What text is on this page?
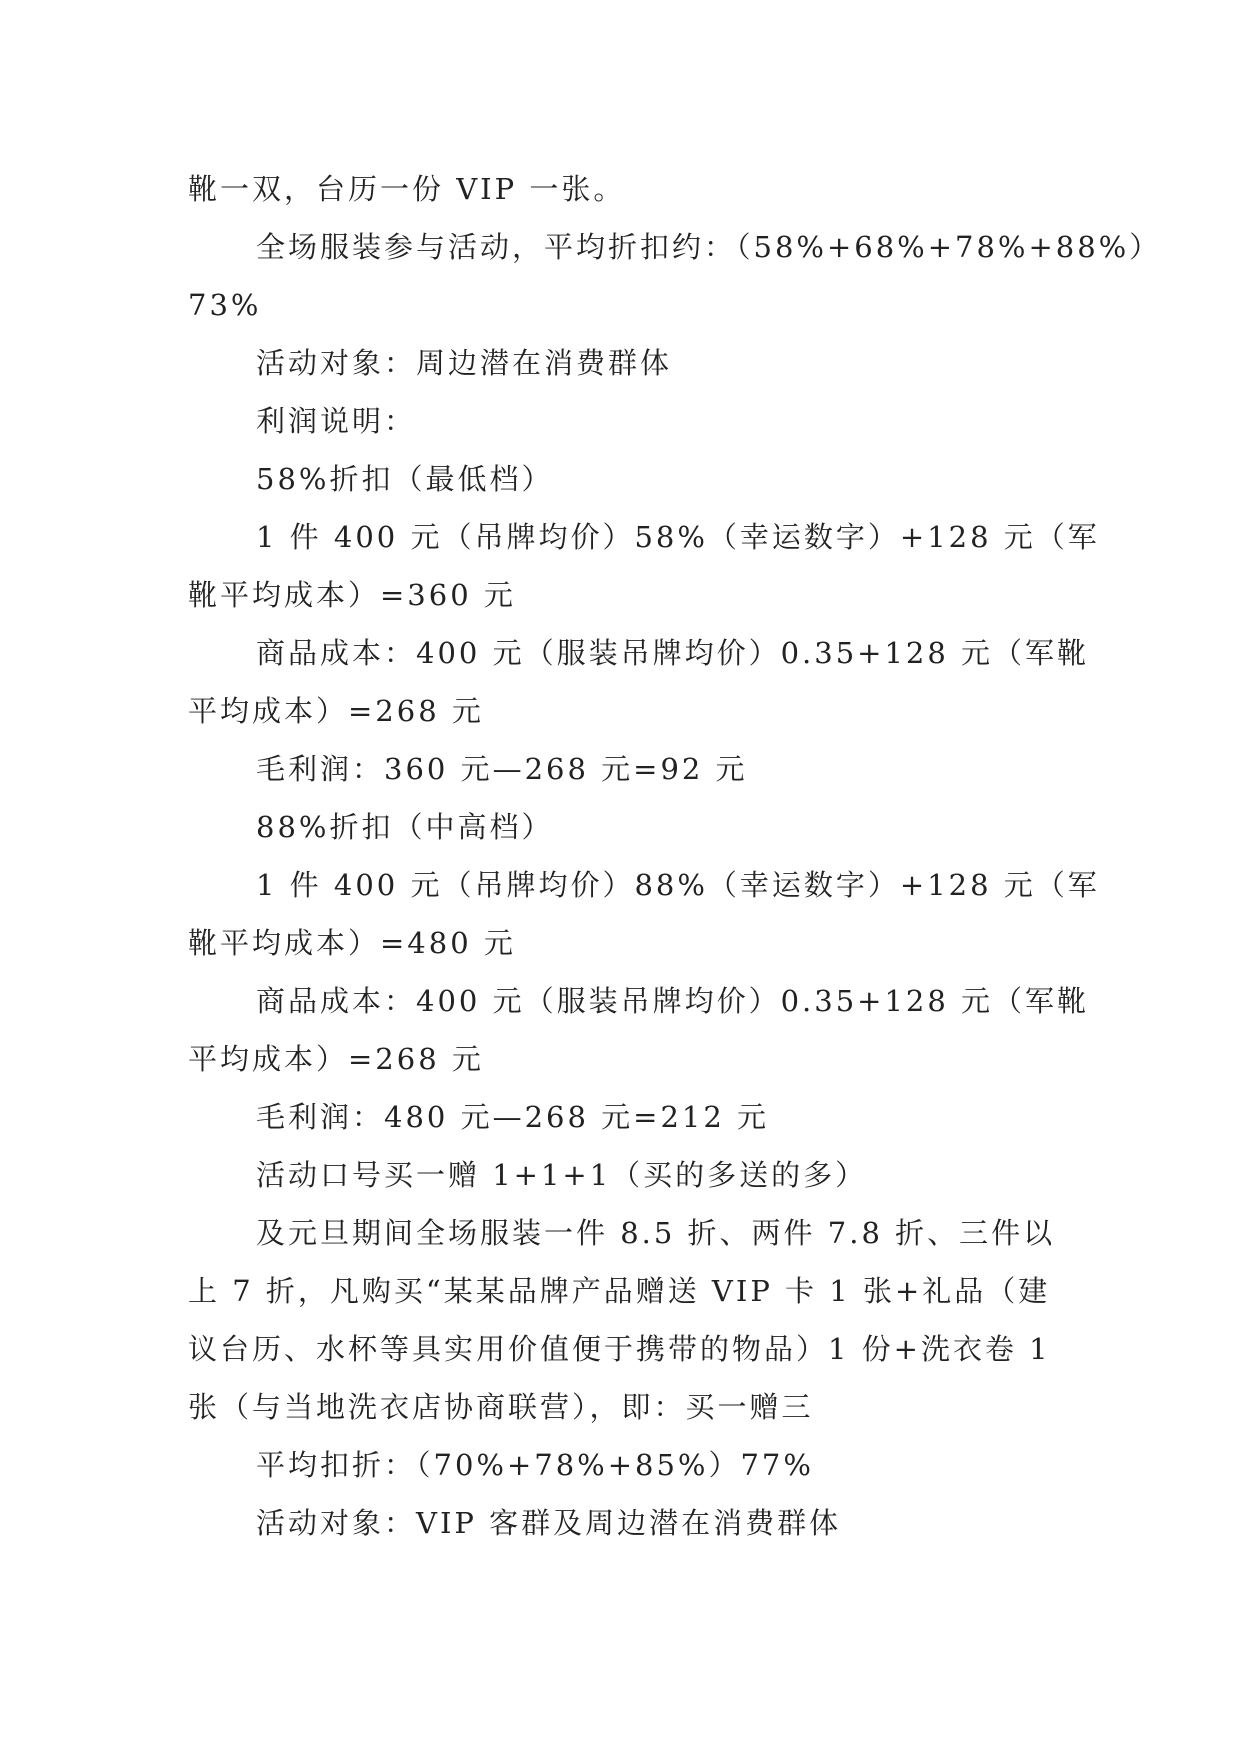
靴一双，台历一份 VIP 一张。
全场服装参与活动，平均折扣约：（58%+68%+78%+88%）
73%
活动对象：周边潜在消费群体
利润说明：
58%折扣（最低档）
1 件 400 元（吊牌均价）58%（幸运数字）+128 元（军
靴平均成本）=360 元
商品成本：400 元（服装吊牌均价）0.35+128 元（军靴
平均成本）=268 元
毛利润：360 元—268 元=92 元
88%折扣（中高档）
1 件 400 元（吊牌均价）88%（幸运数字）+128 元（军
靴平均成本）=480 元
商品成本：400 元（服装吊牌均价）0.35+128 元（军靴
平均成本）=268 元
毛利润：480 元—268 元=212 元
活动口号买一赠 1+1+1（买的多送的多）
及元旦期间全场服装一件 8.5 折、两件 7.8 折、三件以
上 7 折，凡购买“某某品牌产品赠送 VIP 卡 1 张+礼品（建
议台历、水杯等具实用价值便于携带的物品）1 份+洗衣卷 1
张（与当地洗衣店协商联营），即：买一赠三
平均扣折：（70%+78%+85%）77%
活动对象：VIP 客群及周边潜在消费群体
